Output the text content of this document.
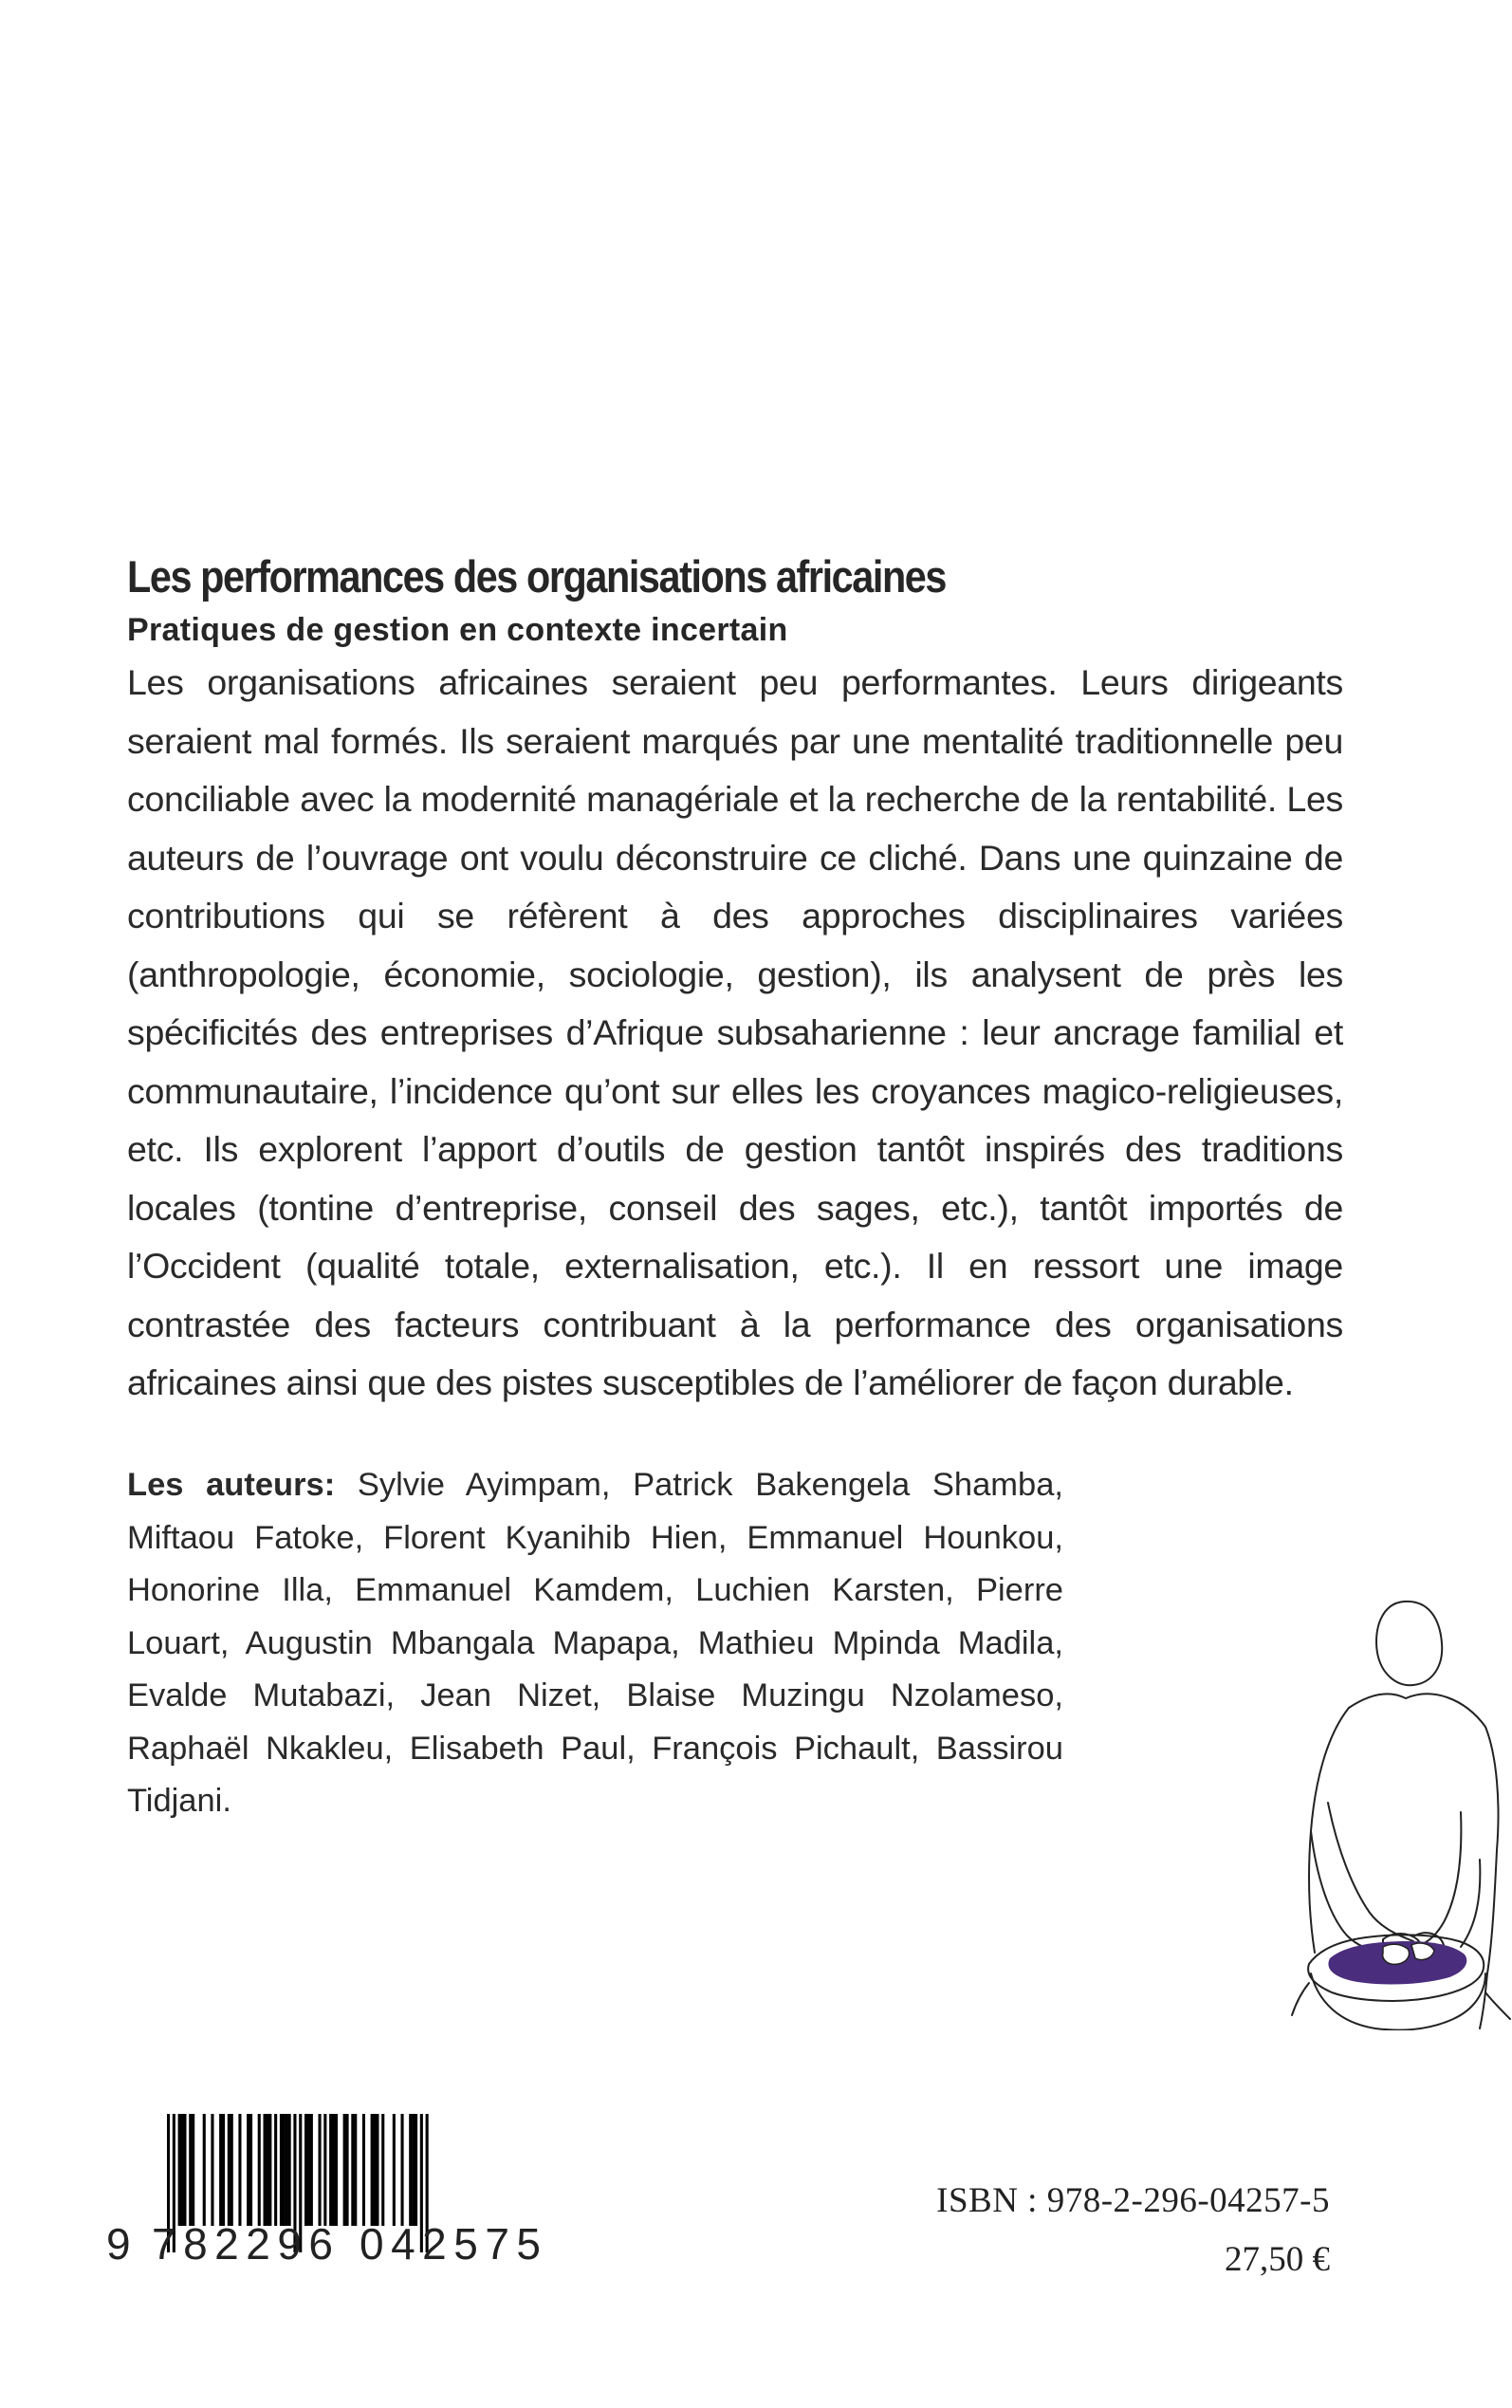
Les performances des organisations africaines
Pratiques de gestion en contexte incertain

Les organisations africaines seraient peu performantes. Leurs dirigeants seraient mal formés. Ils seraient marqués par une mentalité traditionnelle peu conciliable avec la modernité managériale et la recherche de la rentabilité. Les auteurs de l’ouvrage ont voulu déconstruire ce cliché. Dans une quinzaine de contributions qui se réfèrent à des approches disciplinaires variées (anthropologie, économie, sociologie, gestion), ils analysent de près les spécificités des entreprises d’Afrique subsaharienne : leur ancrage familial et communautaire, l’incidence qu’ont sur elles les croyances magico-religieuses, etc. Ils explorent l’apport d’outils de gestion tantôt inspirés des traditions locales (tontine d’entreprise, conseil des sages, etc.), tantôt importés de l’Occident (qualité totale, externalisation, etc.). Il en ressort une image contrastée des facteurs contribuant à la performance des organisations africaines ainsi que des pistes susceptibles de l’améliorer de façon durable.

Les auteurs: Sylvie Ayimpam, Patrick Bakengela Shamba, Miftaou Fatoke, Florent Kyanihib Hien, Emmanuel Hounkou, Honorine Illa, Emmanuel Kamdem, Luchien Karsten, Pierre Louart, Augustin Mbangala Mapapa, Mathieu Mpinda Madila, Evalde Mutabazi, Jean Nizet, Blaise Muzingu Nzolameso, Raphaël Nkakleu, Elisabeth Paul, François Pichault, Bassirou Tidjani.

9 782296 042575
ISBN : 978-2-296-04257-5
27,50 €
